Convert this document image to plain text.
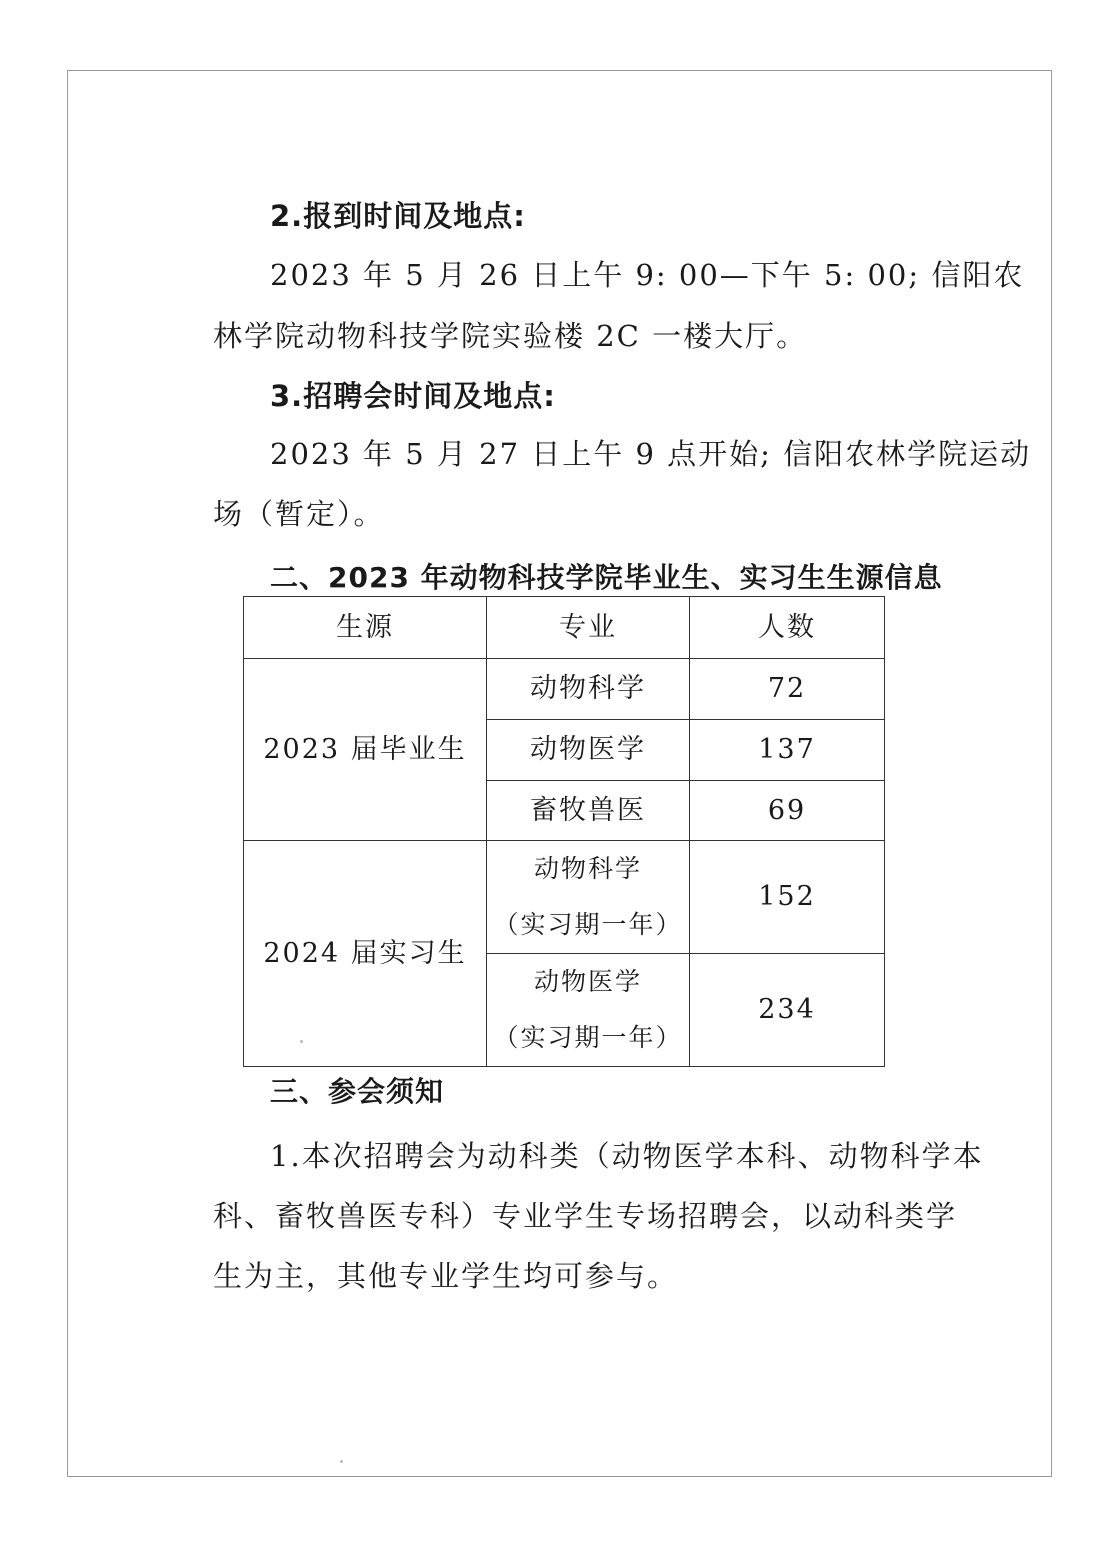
2.报到时间及地点:
2023 年 5 月 26 日上午 9: 00—下午 5: 00; 信阳农
林学院动物科技学院实验楼 2C 一楼大厅。
3.招聘会时间及地点:
2023 年 5 月 27 日上午 9 点开始; 信阳农林学院运动
场（暂定）。
二、2023 年动物科技学院毕业生、实习生生源信息
生源	专业	人数
2023 届毕业生	动物科学	72
	动物医学	137
	畜牧兽医	69
2024 届实习生	动物科学
（实习期一年）	152

	动物医学
（实习期一年）	234
三、参会须知
1.本次招聘会为动科类（动物医学本科、动物科学本
科、畜牧兽医专科）专业学生专场招聘会，以动科类学
生为主，其他专业学生均可参与。
